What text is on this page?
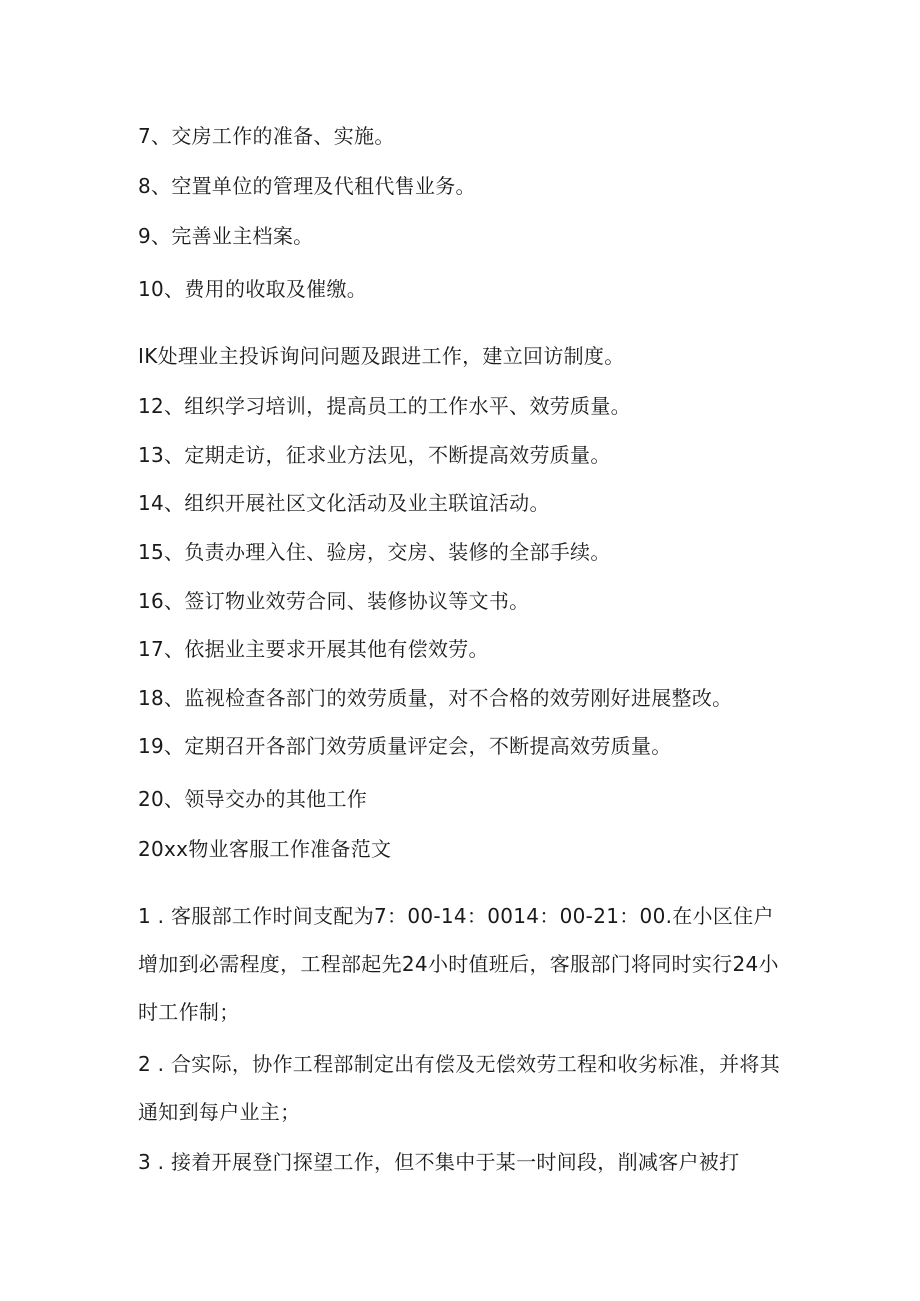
7、交房工作的准备、实施。
8、空置单位的管理及代租代售业务。
9、完善业主档案。
10、费用的收取及催缴。
IK处理业主投诉询问问题及跟进工作，建立回访制度。
12、组织学习培训，提高员工的工作水平、效劳质量。
13、定期走访，征求业方法见，不断提高效劳质量。
14、组织开展社区文化活动及业主联谊活动。
15、负责办理入住、验房，交房、装修的全部手续。
16、签订物业效劳合同、装修协议等文书。
17、依据业主要求开展其他有偿效劳。
18、监视检查各部门的效劳质量，对不合格的效劳刚好进展整改。
19、定期召开各部门效劳质量评定会，不断提高效劳质量。
20、领导交办的其他工作
20xx物业客服工作准备范文
1 . 客服部工作时间支配为7：00-14：0014：00-21：00.在小区住户增加到必需程度，工程部起先24小时值班后，客服部门将同时实行24小时工作制；
2 . 合实际，协作工程部制定出有偿及无偿效劳工程和收劣标准，并将其通知到每户业主；
3 . 接着开展登门探望工作，但不集中于某一时间段，削减客户被打
